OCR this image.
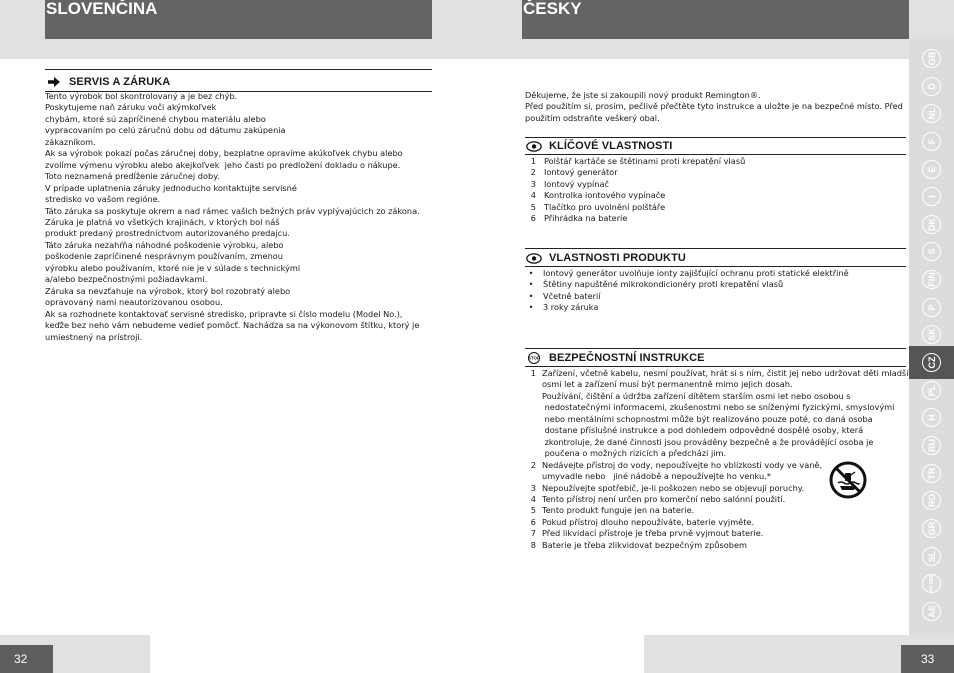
SLOVENČINA	ČESKY
SERVIS A ZÁRUKA
Tento výrobok bol skontrolovaný a je bez chýb.
Poskytujeme naň záruku voči akýmkoľvek
chybám, ktoré sú zapríčinené chybou materiálu alebo
vypracovaním po celú záručnú dobu od dátumu zakúpenia
zákazníkom.
Ak sa výrobok pokazí počas záručnej doby, bezplatne opravíme akúkoľvek chybu alebo
zvolíme výmenu výrobku alebo akejkoľvek  jeho časti po predložení dokladu o nákupe.
Toto neznamená predĺženie záručnej doby.
V prípade uplatnenia záruky jednoducho kontaktujte servisné
stredisko vo vašom regióne.
Táto záruka sa poskytuje okrem a nad rámec vašich bežných práv vyplývajúcich zo zákona.
Záruka je platná vo všetkých krajinách, v ktorých bol náš
produkt predaný prostredníctvom autorizovaného predajcu.
Táto záruka nezahŕňa náhodné poškodenie výrobku, alebo
poškodenie zapríčinené nesprávnym používaním, zmenou
výrobku alebo používaním, ktoré nie je v súlade s technickými
a/alebo bezpečnostnými požiadavkami.
Záruka sa nevzťahuje na výrobok, ktorý bol rozobratý alebo
opravovaný nami neautorizovanou osobou.
Ak sa rozhodnete kontaktovať servisné stredisko, pripravte si číslo modelu (Model No.),
keďže bez neho vám nebudeme vedieť pomôcť. Nachádza sa na výkonovom štítku, ktorý je
umiestnený na prístroji.
Děkujeme, že jste si zakoupili nový produkt Remington®.
Před použitím si, prosím, pečlivě přečtěte tyto instrukce a uložte je na bezpečné místo. Před
použitím odstraňte veškerý obal.
KLÍČOVÉ VLASTNOSTI
1 Polštář kartáče se štětinami proti krepatění vlasů
2 Iontový generátor
3 Iontový vypínač
4 Kontrolka iontového vypínače
5 Tlačítko pro uvolnění polštáře
6 Přihrádka na baterie
VLASTNOSTI PRODUKTU
•	Iontový generátor uvolňuje ionty zajišťující ochranu proti statické elektřině
•	Štětiny napuštěné mikrokondicionéry proti krepatění vlasů
•	Včetně baterií
•	3 roky záruka
STOP BEZPEČNOSTNÍ INSTRUKCE
1 Zařízení, včetně kabelu, nesmí používat, hrát si s ním, čistit jej nebo udržovat děti mladší
osmi let a zařízení musí být permanentně mimo jejich dosah.
Používání, čištění a údržba zařízení dítětem starším osmi let nebo osobou s
nedostatečnými informacemi, zkušenostmi nebo se sníženými fyzickými, smyslovými
nebo mentálními schopnostmi může být realizováno pouze poté, co daná osoba
dostane příslušné instrukce a pod dohledem odpovědné dospělé osoby, která
zkontroluje, že dané činnosti jsou prováděny bezpečně a že provádějící osoba je
poučena o možných rizicích a předcházi jim.
2 Nedávejte přístroj do vody, nepoužívejte ho vblízkosti vody ve vaně,
umyvadle nebo   jiné nádobě a nepoužívejte ho venku.*
3 Nepoužívejte spotřebič, je-li poškozen nebo se objevují poruchy.
4 Tento přístroj není určen pro komerční nebo salónní použití.
5 Tento produkt funguje jen na baterie.
6 Pokud přístroj dlouho nepoužíváte, baterie vyjměte.
7 Před likvidací přístroje je třeba prvně vyjmout baterie.
8 Baterie je třeba zlikvidovat bezpečným způsobem
GB
D
NL
F
E
I
DK
S
FIN
P
SK
CZ
PL
H
RU
TR
RO
GR
SL
HR SRB
AE
32	33
